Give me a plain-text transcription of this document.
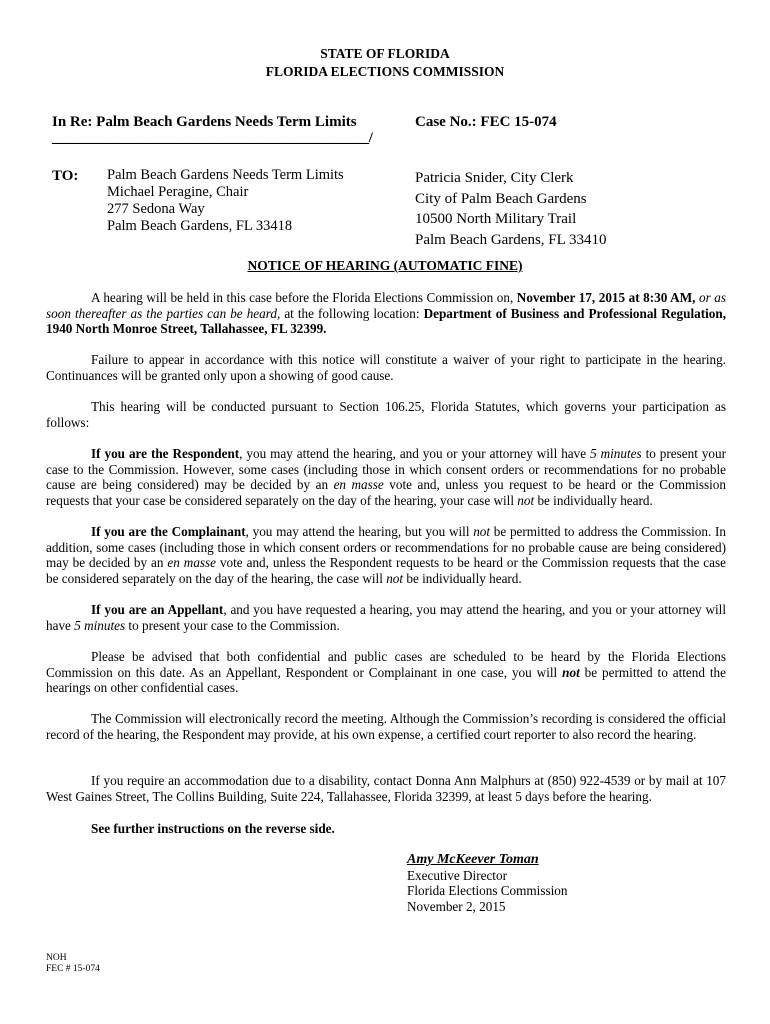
STATE OF FLORIDA
FLORIDA ELECTIONS COMMISSION
In Re: Palm Beach Gardens Needs Term Limits
____________________________________________/
Case No.: FEC 15-074
TO: Palm Beach Gardens Needs Term Limits
Michael Peragine, Chair
277 Sedona Way
Palm Beach Gardens, FL 33418
Patricia Snider, City Clerk
City of Palm Beach Gardens
10500 North Military Trail
Palm Beach Gardens, FL 33410
NOTICE OF HEARING (AUTOMATIC FINE)

A hearing will be held in this case before the Florida Elections Commission on, November 17, 2015 at 8:30 AM, or as soon thereafter as the parties can be heard, at the following location: Department of Business and Professional Regulation, 1940 North Monroe Street, Tallahassee, FL 32399.

Failure to appear in accordance with this notice will constitute a waiver of your right to participate in the hearing. Continuances will be granted only upon a showing of good cause.

This hearing will be conducted pursuant to Section 106.25, Florida Statutes, which governs your participation as follows:

If you are the Respondent, you may attend the hearing, and you or your attorney will have 5 minutes to present your case to the Commission. However, some cases (including those in which consent orders or recommendations for no probable cause are being considered) may be decided by an en masse vote and, unless you request to be heard or the Commission requests that your case be considered separately on the day of the hearing, your case will not be individually heard.

If you are the Complainant, you may attend the hearing, but you will not be permitted to address the Commission. In addition, some cases (including those in which consent orders or recommendations for no probable cause are being considered) may be decided by an en masse vote and, unless the Respondent requests to be heard or the Commission requests that the case be considered separately on the day of the hearing, the case will not be individually heard.

If you are an Appellant, and you have requested a hearing, you may attend the hearing, and you or your attorney will have 5 minutes to present your case to the Commission.

Please be advised that both confidential and public cases are scheduled to be heard by the Florida Elections Commission on this date. As an Appellant, Respondent or Complainant in one case, you will not be permitted to attend the hearings on other confidential cases.

The Commission will electronically record the meeting. Although the Commission’s recording is considered the official record of the hearing, the Respondent may provide, at his own expense, a certified court reporter to also record the hearing.

If you require an accommodation due to a disability, contact Donna Ann Malphurs at (850) 922-4539 or by mail at 107 West Gaines Street, The Collins Building, Suite 224, Tallahassee, Florida 32399, at least 5 days before the hearing.

See further instructions on the reverse side.

Amy McKeever Toman
Executive Director
Florida Elections Commission
November 2, 2015
NOH
FEC # 15-074
